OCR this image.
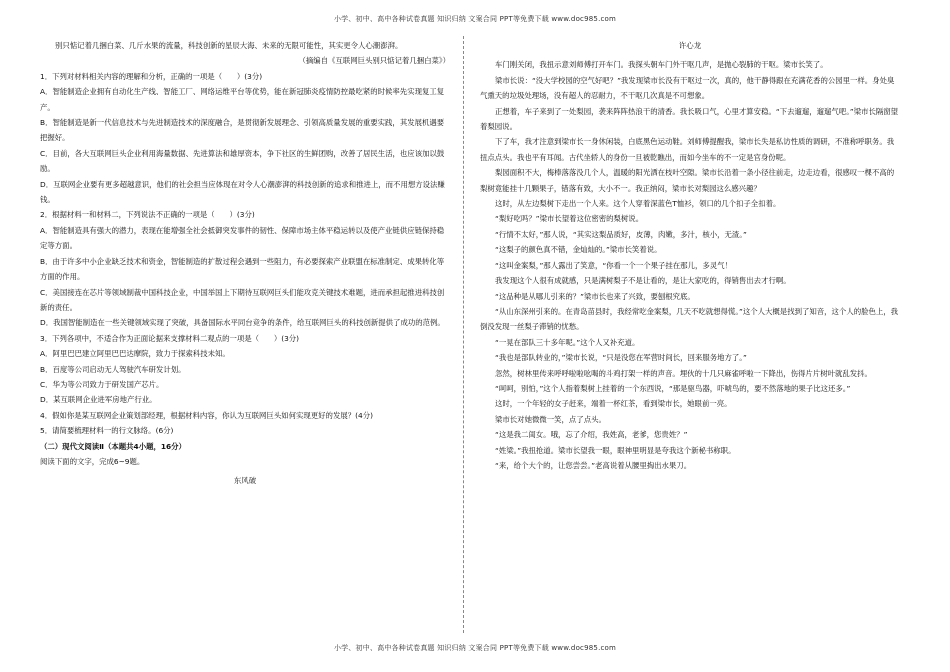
小学、初中、高中各种试卷真题 知识归纳 文案合同 PPT等免费下载 www.doc985.com

别只惦记着几捆白菜、几斤水果的流量，科技创新的星辰大海、未来的无限可能性，其实更令人心潮澎湃。

（摘编自《互联网巨头别只惦记着几捆白菜》）

1．下列对材料相关内容的理解和分析，正确的一项是（　　）(3分)

A．智能制造企业拥有自动化生产线、智能工厂、网络运维平台等优势，能在新冠肺炎疫情防控最吃紧的时候率先实现复工复产。

B．智能制造是新一代信息技术与先进制造技术的深度融合，是贯彻新发展理念、引领高质量发展的重要实践，其发展机遇要把握好。

C．目前，各大互联网巨头企业利用海量数据、先进算法和雄厚资本，争下社区的生鲜团购，改善了居民生活，也应该加以鼓励。

D．互联网企业要有更多超越意识，他们的社会担当应体现在对令人心潮澎湃的科技创新的追求和推进上，而不用想方设法赚钱。

2．根据材料一和材料二，下列说法不正确的一项是（　　）(3分)

A．智能制造具有强大的潜力，表现在能增强全社会抵御突发事件的韧性、保障市场主体平稳运转以及使产业链供应链保持稳定等方面。

B．由于许多中小企业缺乏技术和资金，智能制造的扩散过程会遇到一些阻力，有必要探索产业联盟在标准制定、成果转化等方面的作用。

C．美国接连在芯片等领域制裁中国科技企业，中国举国上下期待互联网巨头们能攻克关键技术难题，进而承担起推进科技创新的责任。

D．我国智能制造在一些关键领域实现了突破，具备国际水平同台竞争的条件，给互联网巨头的科技创新提供了成功的范例。

3．下列各项中，不适合作为正面论据来支撑材料二观点的一项是（　　）(3分)

A．阿里巴巴建立阿里巴巴达摩院，致力于探索科技未知。

B．百度等公司启动无人驾驶汽车研发计划。

C．华为等公司致力于研发国产芯片。

D．某互联网企业进军房地产行业。

4．假如你是某互联网企业策划部经理，根据材料内容，你认为互联网巨头如何实现更好的发展？(4分)

5．请简要梳理材料一的行文脉络。(6分)

（二）现代文阅读Ⅱ（本题共4小题，16分）

阅读下面的文字，完成6~9题。

东风破

许心龙

车门刚关闭，我扭示意刘师傅打开车门。我探头朝车门外干呕几声，是抛心裂肺的干呕。梁市长笑了。

梁市长说：“没大学校园的空气好吧？”我发现梁市长没有干呕过一次，真的，他干静得跟在充满花香的公园里一样。身处臭气熏天的垃圾处理场，没有超人的忍耐力，不干呕几次真是不可想象。

正想着，车子来到了一处梨园，袭来阵阵热浪干的清香。我长吸口气，心里才算安稳。“下去遛遛，遛遛气吧。”梁市长隔窗望着梨园说。

下了车，我才注意到梁市长一身休闲装，白底黑色运动鞋。刘师傅提醒我，梁市长失是私访性质的调研，不准称呼职务。我扭点点头。我也平有耳闻。古代坐轿人的身份一旦被乾瞧出，而如今坐车的不一定是官身份呢。

梨园面积不大，梅棒落落没几个人，温暖的阳光洒在枝叶空隙。梁市长沿着一条小径往前走，边走边看，很感叹一棵不高的梨树竟能挂十几颗果子，错落有致，大小不一。我正纳闷，梁市长对梨园这么感兴趣？

这时，从左边梨树下走出一个人来。这个人穿着深蓝色T恤衫，领口的几个扣子全扣着。

“梨好吃吗？”梁市长望着这位密密的梨树说。

“行情不太好，”那人说，“其实这梨品质好，皮薄，肉嫩，多汁，核小，无渣。”

“这梨子的颜色真不错，金灿灿的。”梁市长笑着说。

“这叫金案梨，”那人露出了笑意，“你看一个一个果子挂在那儿，多灵气！

我发现这个人很有成就感，只是满树梨子不是让看的，是让大家吃的，得销售出去才行啊。

“这品种是从哪儿引来的？”梁市长也来了兴致，要刨根究底。

“从山东深州引来的。在青岛苗县时，我经常吃金案梨，几天不吃就想得慌。”这个人大概是找到了知音，这个人的脸色上，我倒没发现一丝梨子滞销的忧愁。

“一晃在部队三十多年呢。”这个人又补充道。

“我也是部队转业的，”梁市长说，“只是没您在军营时间长，回来服务地方了。”

忽然，树林里传来呼呼啦啦吆喝的斗鸡打架一样的声音。埋伙的十几只麻雀呼啦一下降出，伤得片片树叶就乱发抖。

“呵呵，别怕，”这个人指着梨树上挂着的一个东西说，“那是驱鸟器，吓唬鸟的，要不然落地的果子比这还多。”

这时，一个年轻的女子赶来，端着一杯红茶，看到梁市长，她眼前一亮。

梁市长对她微微一笑，点了点头。

“这是我二闺女。哦，忘了介绍，我姓高，老爹，您贵姓？”

“姓梁。”我扭抢道。梁市长望我一眼，眼神里明显是夸我这个新秘书称职。

“来，给个大个的，让您尝尝。”老高说着从腰里掏出水果刀。

小学、初中、高中各种试卷真题 知识归纳 文案合同 PPT等免费下载 www.doc985.com
